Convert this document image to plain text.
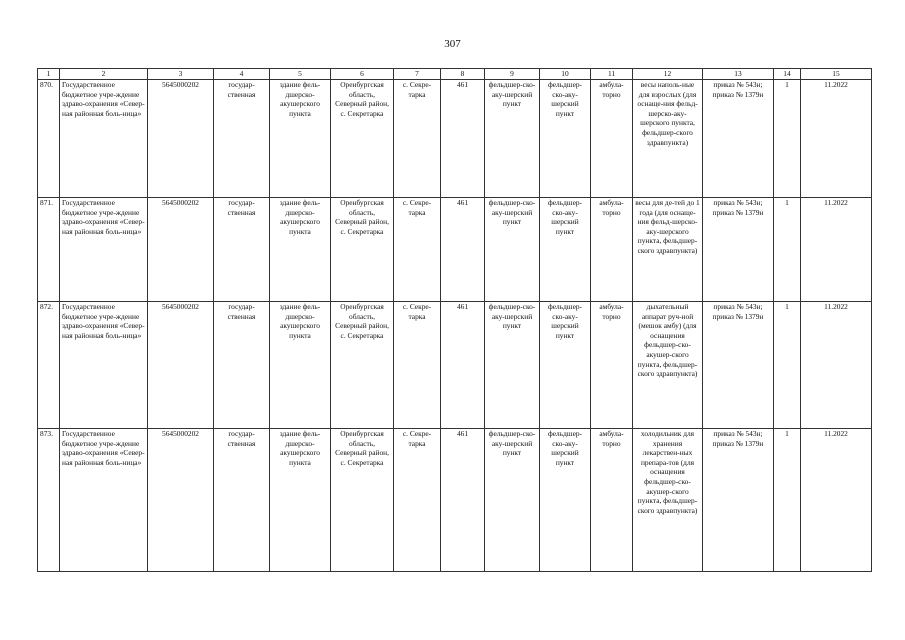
307
1	2	3	4	5	6	7	8	9	10	11	12	13	14	15
870.	Государственное бюджетное учре-ждение здраво-охранения «Север-ная районная боль-ница»	5645000202	государ-ственная	здание фель-дшерско-акушерского пункта	Оренбургская область, Северный район, с. Секретарка	с. Секре-тарка	461	фельдшер-ско-аку-шерский пункт	фельдшер-ско-аку-шерский пункт	амбула-торно	весы наполь-ные для взрослых (для оснаще-ния фельд-шерско-аку-шерского пункта, фельдшер-ского здравпункта)	приказ № 543н; приказ № 1379н	1	11.2022
871.	Государственное бюджетное учре-ждение здраво-охранения «Север-ная районная боль-ница»	5645000202	государ-ственная	здание фель-дшерско-акушерского пункта	Оренбургская область, Северный район, с. Секретарка	с. Секре-тарка	461	фельдшер-ско-аку-шерский пункт	фельдшер-ско-аку-шерский пункт	амбула-торно	весы для де-тей до 1 года (для оснаще-ния фельд-шерско-аку-шерского пункта, фельдшер-ского здравпункта)	приказ № 543н; приказ № 1379н	1	11.2022
872.	Государственное бюджетное учре-ждение здраво-охранения «Север-ная районная боль-ница»	5645000202	государ-ственная	здание фель-дшерско-акушерского пункта	Оренбургская область, Северный район, с. Секретарка	с. Секре-тарка	461	фельдшер-ско-аку-шерский пункт	фельдшер-ско-аку-шерский пункт	амбула-торно	дыхательный аппарат руч-ной (мешок амбу) (для оснащения фельдшер-ско-акушер-ского пункта, фельдшер-ского здравпункта)	приказ № 543н; приказ № 1379н	1	11.2022
873.	Государственное бюджетное учре-ждение здраво-охранения «Север-ная районная боль-ница»	5645000202	государ-ственная	здание фель-дшерско-акушерского пункта	Оренбургская область, Северный район, с. Секретарка	с. Секре-тарка	461	фельдшер-ско-аку-шерский пункт	фельдшер-ско-аку-шерский пункт	амбула-торно	холодильник для хранения лекарствен-ных препара-тов (для оснащения фельдшер-ско-акушер-ского пункта, фельдшер-ского здравпункта)	приказ № 543н; приказ № 1379н	1	11.2022
